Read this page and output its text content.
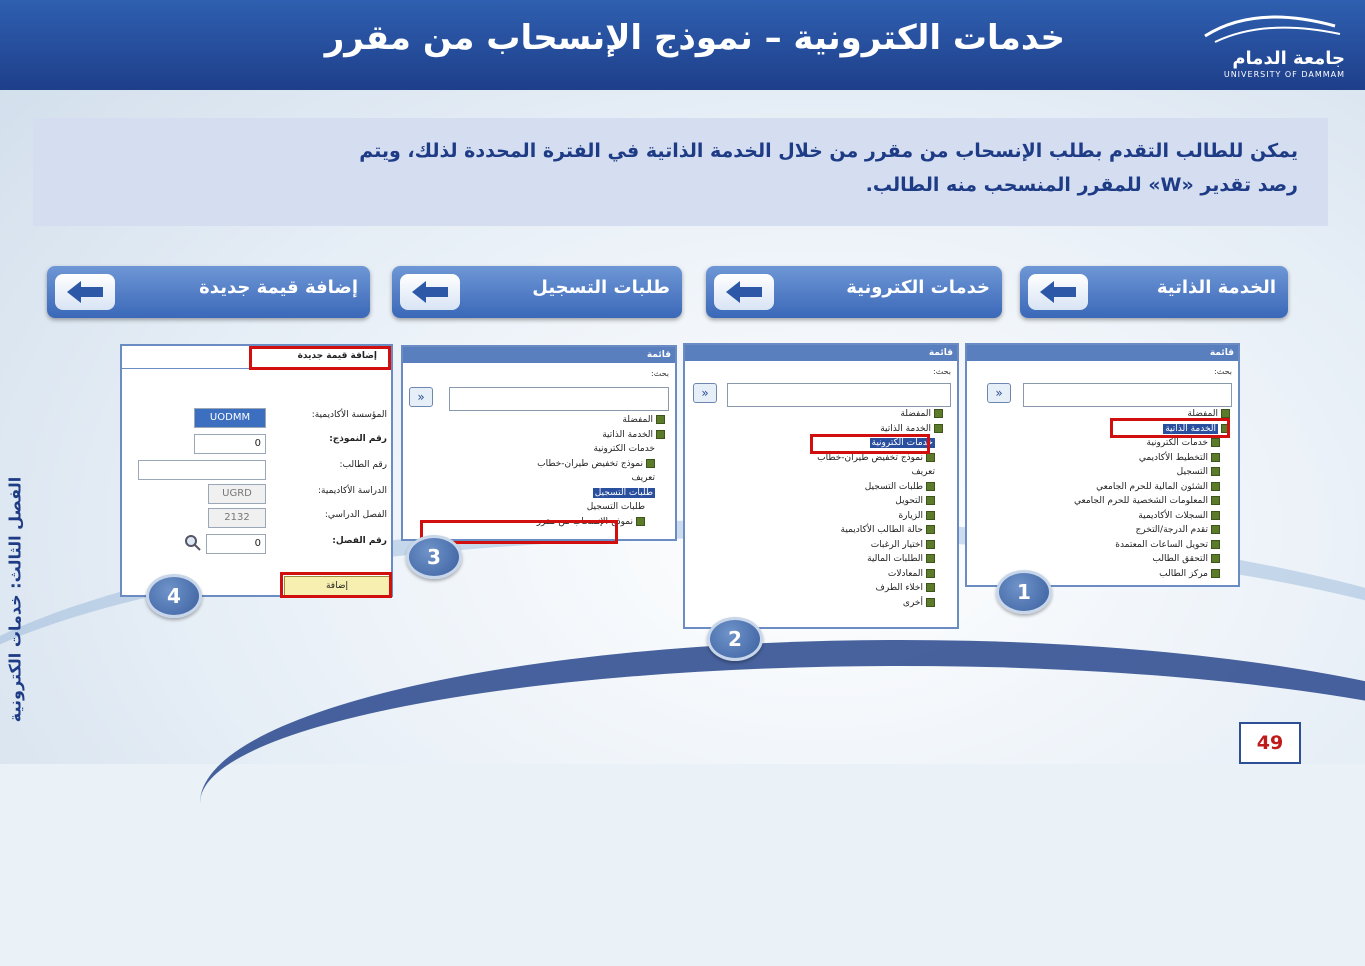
خدمات الكترونية – نموذج الإنسحاب من مقرر
جامعة الدمام
UNIVERSITY OF DAMMAM
يمكن للطالب التقدم بطلب الإنسحاب من مقرر من خلال الخدمة الذاتية في الفترة المحددة لذلك، ويتم
رصد تقدير «W» للمقرر المنسحب منه الطالب.
الخدمة الذاتية
خدمات الكترونية
طلبات التسجيل
إضافة قيمة جديدة
قائمة
بحث:
«
المفضلة
الخدمة الذاتية
خدمات الكترونية
التخطيط الأكاديمي
التسجيل
الشئون المالية للحرم الجامعي
المعلومات الشخصية للحرم الجامعي
السجلات الأكاديمية
تقدم الدرجة/التخرج
تحويل الساعات المعتمدة
التحقق الطالب
مركز الطالب
1
قائمة
بحث:
«
المفضلة
الخدمة الذاتية
خدمات الكترونية
نموذج تخفيض طيران-خطاب
تعريف
طلبات التسجيل
التحويل
الزيارة
حالة الطالب الأكاديمية
اختيار الرغبات
الطلبات المالية
المعادلات
اخلاء الطرف
أخرى
2
قائمة
بحث:
«
المفضلة
الخدمة الذاتية
خدمات الكترونية
نموذج تخفيض طيران-خطاب
تعريف
طلبات التسجيل
طلبات التسجيل
نموذج الإنسحاب من مقرر
3
إضافة قيمة جديدة
المؤسسة الأكاديمية:
UODMM
رقم النموذج:
0
رقم الطالب:
الدراسة الأكاديمية:
UGRD
الفصل الدراسي:
2132
رقم الفصل:
0
إضافة
4
الفصل الثالث: خدمات الكترونية
49
